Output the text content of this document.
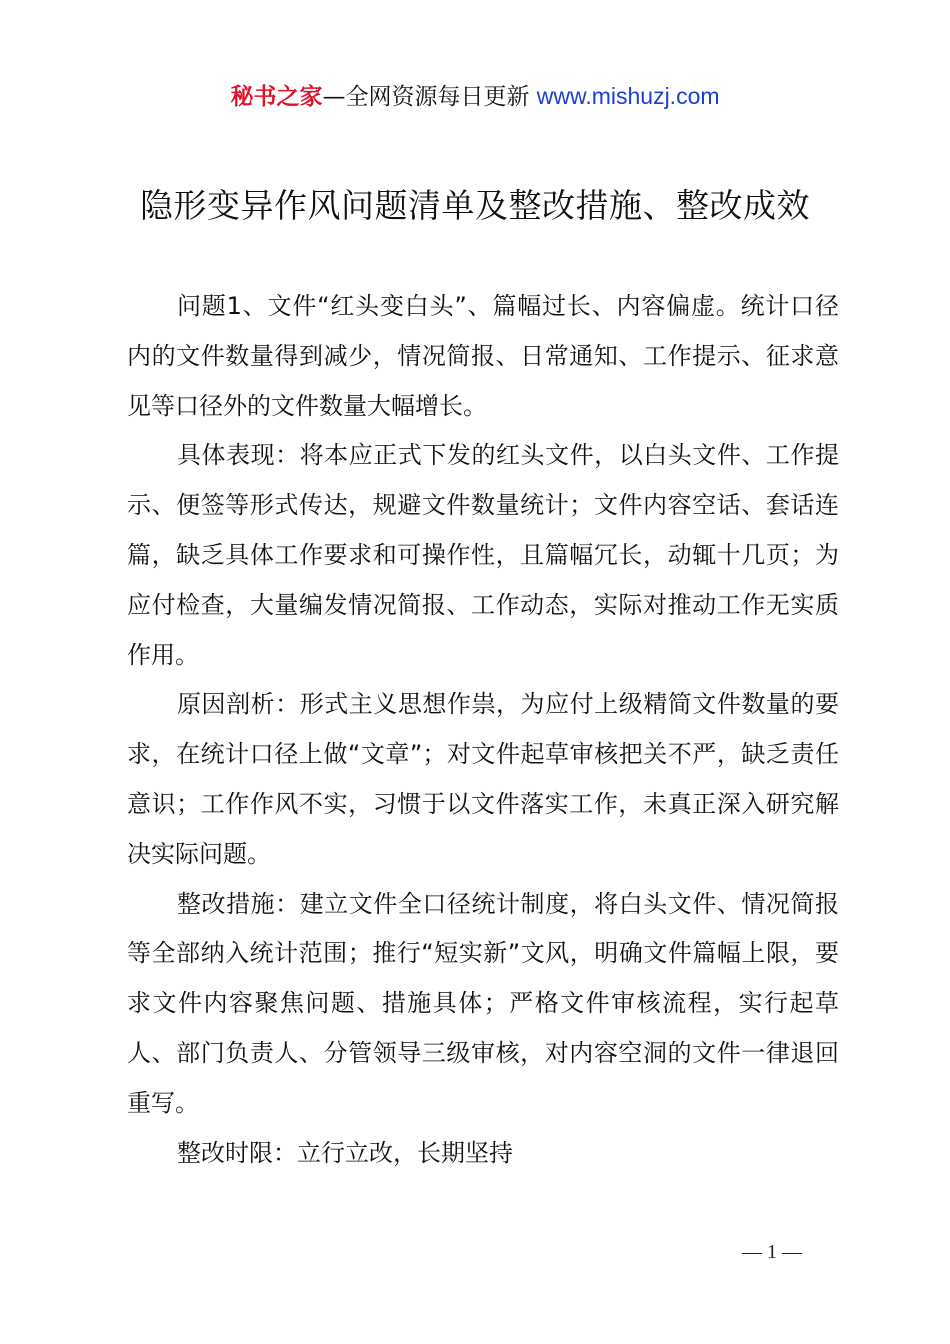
秘书之家—全网资源每日更新 www.mishuzj.com
隐形变异作风问题清单及整改措施、整改成效

问题1、文件“红头变白头”、篇幅过长、内容偏虚。统计口径内的文件数量得到减少，情况简报、日常通知、工作提示、征求意见等口径外的文件数量大幅增长。

具体表现：将本应正式下发的红头文件，以白头文件、工作提示、便签等形式传达，规避文件数量统计；文件内容空话、套话连篇，缺乏具体工作要求和可操作性，且篇幅冗长，动辄十几页；为应付检查，大量编发情况简报、工作动态，实际对推动工作无实质作用。

原因剖析：形式主义思想作祟，为应付上级精简文件数量的要求，在统计口径上做“文章”；对文件起草审核把关不严，缺乏责任意识；工作作风不实，习惯于以文件落实工作，未真正深入研究解决实际问题。

整改措施：建立文件全口径统计制度，将白头文件、情况简报等全部纳入统计范围；推行“短实新”文风，明确文件篇幅上限，要求文件内容聚焦问题、措施具体；严格文件审核流程，实行起草人、部门负责人、分管领导三级审核，对内容空洞的文件一律退回重写。

整改时限：立行立改，长期坚持

— 1 —
